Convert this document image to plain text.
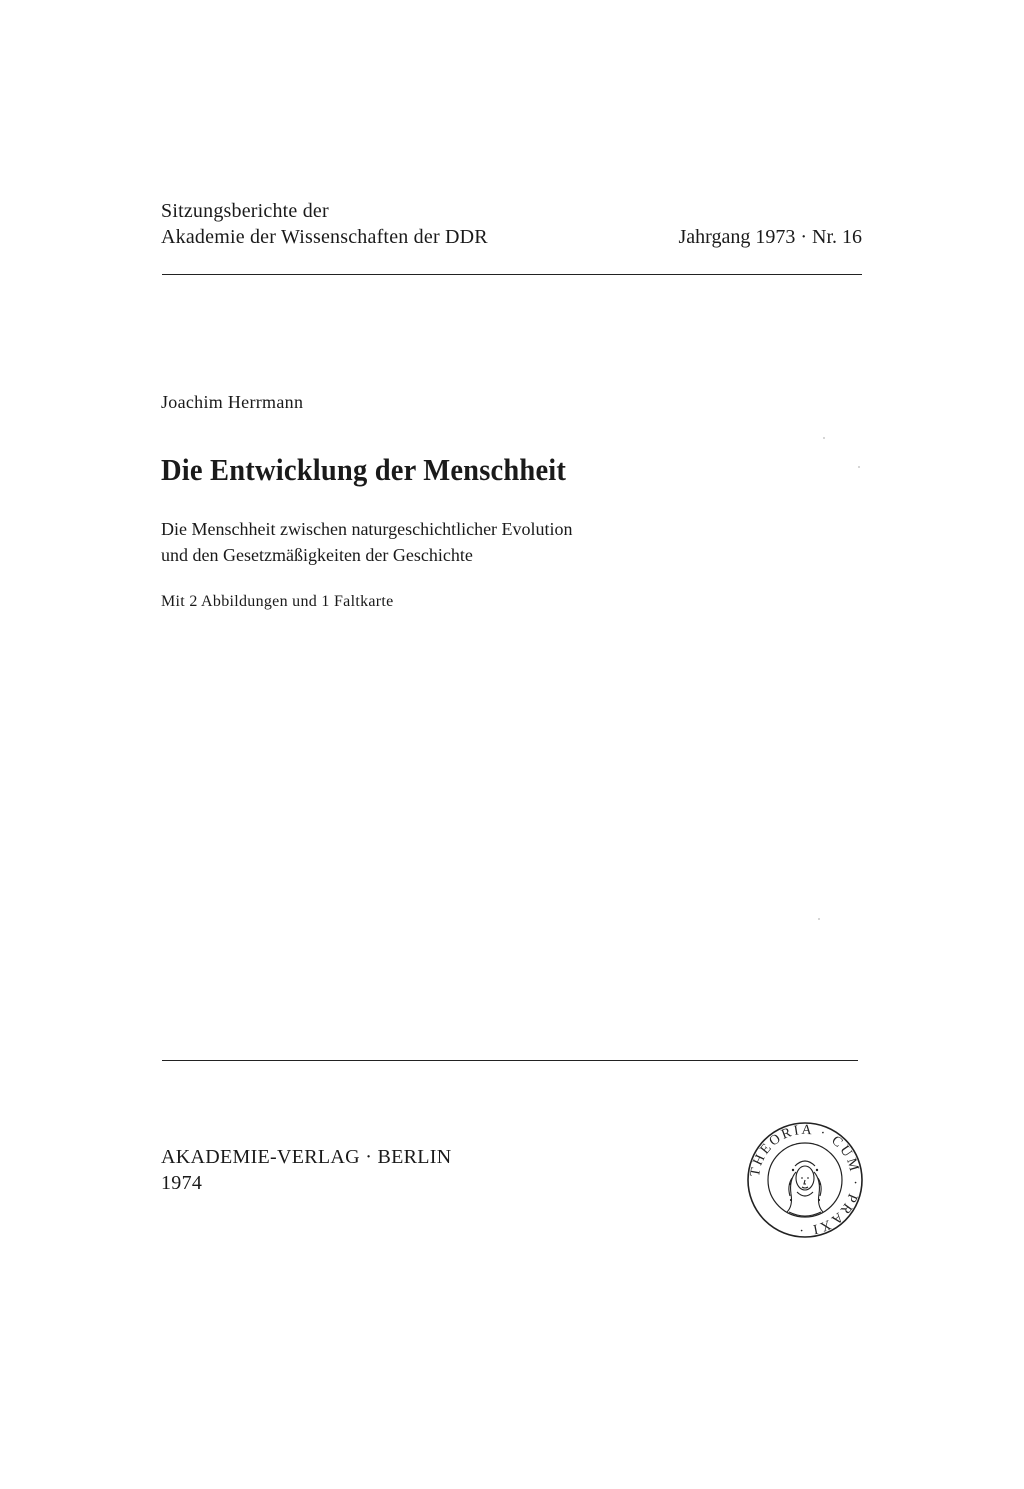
Sitzungsberichte der
Akademie der Wissenschaften der DDR	Jahrgang 1973 · Nr. 16
Joachim Herrmann
Die Entwicklung der Menschheit
Die Menschheit zwischen naturgeschichtlicher Evolution
und den Gesetzmäßigkeiten der Geschichte
Mit 2 Abbildungen und 1 Faltkarte
AKADEMIE-VERLAG · BERLIN
1974
THEORIA · CUM · PRAXI ·
